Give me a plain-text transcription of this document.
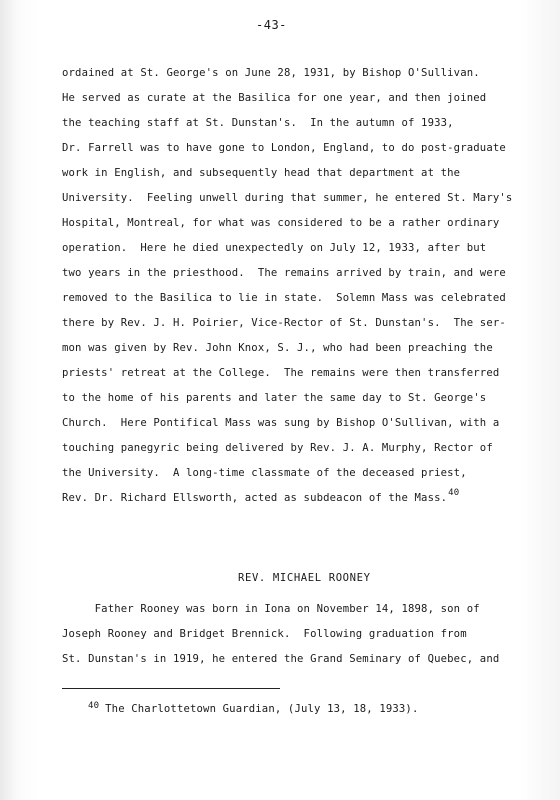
-43-
ordained at St. George's on June 28, 1931, by Bishop O'Sullivan.
He served as curate at the Basilica for one year, and then joined
the teaching staff at St. Dunstan's.  In the autumn of 1933,
Dr. Farrell was to have gone to London, England, to do post-graduate
work in English, and subsequently head that department at the
University.  Feeling unwell during that summer, he entered St. Mary's
Hospital, Montreal, for what was considered to be a rather ordinary
operation.  Here he died unexpectedly on July 12, 1933, after but
two years in the priesthood.  The remains arrived by train, and were
removed to the Basilica to lie in state.  Solemn Mass was celebrated
there by Rev. J. H. Poirier, Vice-Rector of St. Dunstan's.  The ser-
mon was given by Rev. John Knox, S. J., who had been preaching the
priests' retreat at the College.  The remains were then transferred
to the home of his parents and later the same day to St. George's
Church.  Here Pontifical Mass was sung by Bishop O'Sullivan, with a
touching panegyric being delivered by Rev. J. A. Murphy, Rector of
the University.  A long-time classmate of the deceased priest,
Rev. Dr. Richard Ellsworth, acted as subdeacon of the Mass.$^{40}$
REV. MICHAEL ROONEY
Father Rooney was born in Iona on November 14, 1898, son of
Joseph Rooney and Bridget Brennick.  Following graduation from
St. Dunstan's in 1919, he entered the Grand Seminary of Quebec, and
$^{40}$ The Charlottetown Guardian, (July 13, 18, 1933).
